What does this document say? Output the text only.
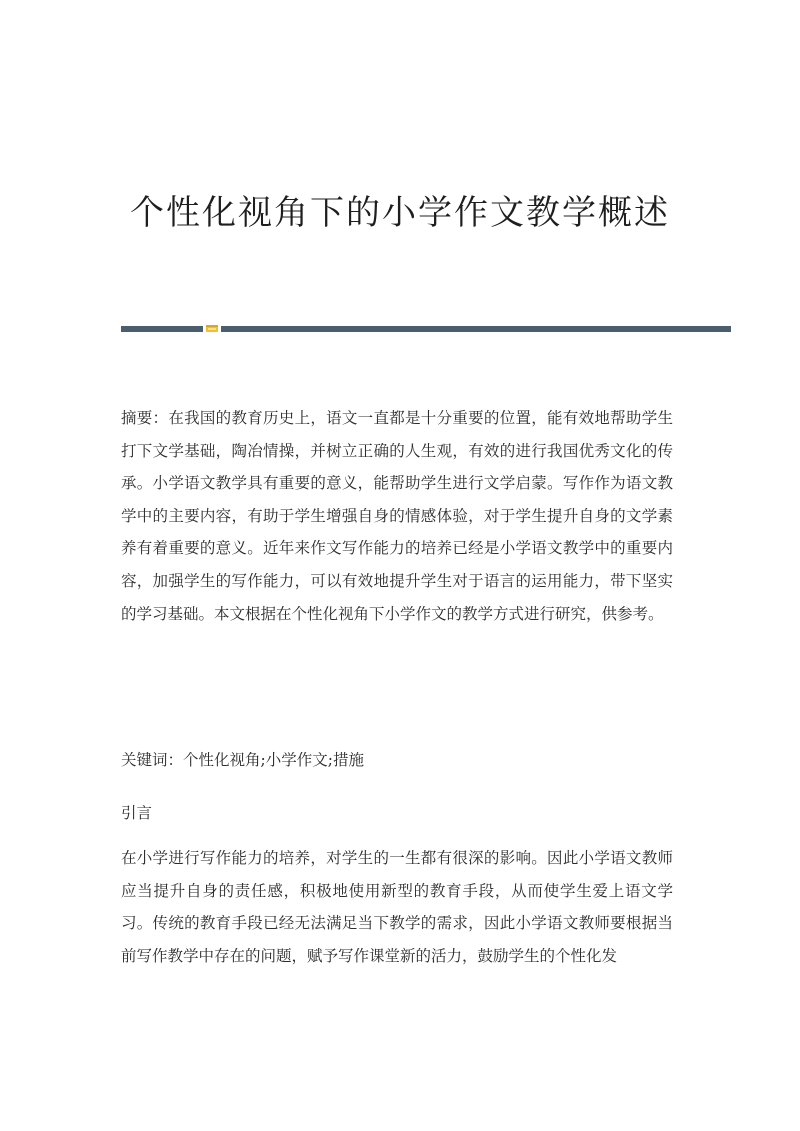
个性化视角下的小学作文教学概述

摘要：在我国的教育历史上，语文一直都是十分重要的位置，能有效地帮助学生打下文学基础，陶冶情操，并树立正确的人生观，有效的进行我国优秀文化的传承。小学语文教学具有重要的意义，能帮助学生进行文学启蒙。写作作为语文教学中的主要内容，有助于学生增强自身的情感体验，对于学生提升自身的文学素养有着重要的意义。近年来作文写作能力的培养已经是小学语文教学中的重要内容，加强学生的写作能力，可以有效地提升学生对于语言的运用能力，带下坚实的学习基础。本文根据在个性化视角下小学作文的教学方式进行研究，供参考。

关键词：个性化视角;小学作文;措施

引言

在小学进行写作能力的培养，对学生的一生都有很深的影响。因此小学语文教师应当提升自身的责任感，积极地使用新型的教育手段，从而使学生爱上语文学习。传统的教育手段已经无法满足当下教学的需求，因此小学语文教师要根据当前写作教学中存在的问题，赋予写作课堂新的活力，鼓励学生的个性化发
